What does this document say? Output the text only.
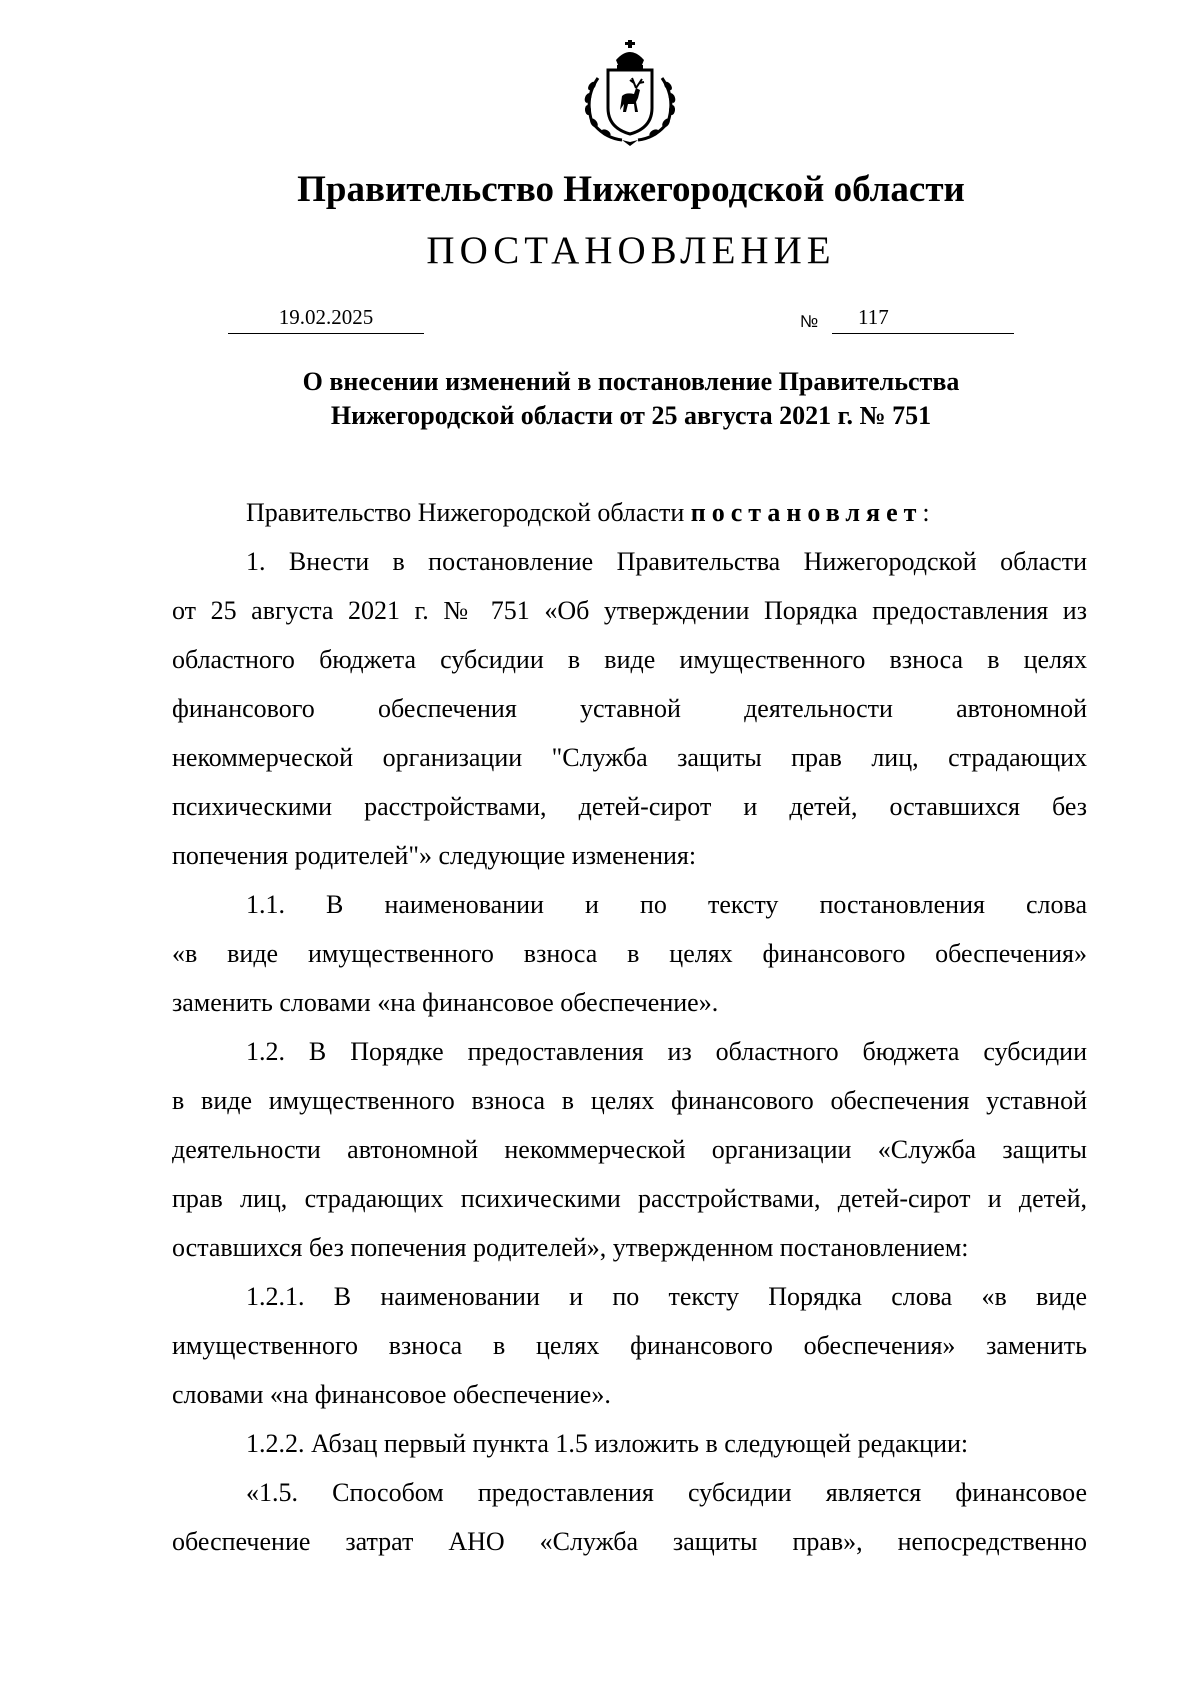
Правительство Нижегородской области
ПОСТАНОВЛЕНИЕ
19.02.2025	№	117
О внесении изменений в постановление Правительства
Нижегородской области от 25 августа 2021 г. № 751
Правительство Нижегородской области постановляет:
1. Внести в постановление Правительства Нижегородской области
от 25 августа 2021 г. № 751 «Об утверждении Порядка предоставления из
областного бюджета субсидии в виде имущественного взноса в целях
финансового обеспечения уставной деятельности автономной
некоммерческой организации "Служба защиты прав лиц, страдающих
психическими расстройствами, детей-сирот и детей, оставшихся без
попечения родителей"» следующие изменения:
1.1. В наименовании и по тексту постановления слова
«в виде имущественного взноса в целях финансового обеспечения»
заменить словами «на финансовое обеспечение».
1.2. В Порядке предоставления из областного бюджета субсидии
в виде имущественного взноса в целях финансового обеспечения уставной
деятельности автономной некоммерческой организации «Служба защиты
прав лиц, страдающих психическими расстройствами, детей-сирот и детей,
оставшихся без попечения родителей», утвержденном постановлением:
1.2.1. В наименовании и по тексту Порядка слова «в виде
имущественного взноса в целях финансового обеспечения» заменить
словами «на финансовое обеспечение».
1.2.2. Абзац первый пункта 1.5 изложить в следующей редакции:
«1.5. Способом предоставления субсидии является финансовое
обеспечение затрат АНО «Служба защиты прав», непосредственно
